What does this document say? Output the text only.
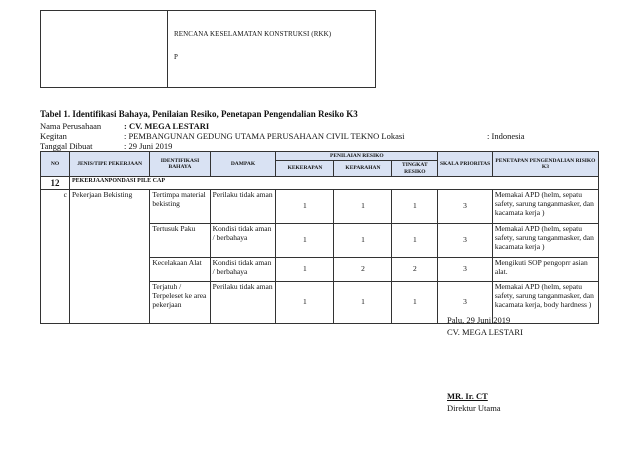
RENCANA KESELAMATAN KONSTRUKSI (RKK)
P
Tabel 1. Identifikasi Bahaya, Penilaian Resiko, Penetapan Pengendalian Resiko K3
Nama Perusahaan	: CV. MEGA LESTARI
Kegitan	: PEMBANGUNAN GEDUNG UTAMA PERUSAHAAN CIVIL TEKNO Lokasi	: Indonesia
Tanggal Dibuat	: 29 Juni 2019
NO	JENIS/TIPE PEKERJAAN	IDENTIFIKASI BAHAYA	DAMPAK	PENILAIAN RESIKO			SKALA PRIORITAS	PENETAPAN PENGENDALIAN RISIKO K3
				KEKERAPAN	KEPARAHAN	TINGKAT RESIKO		
12	PEKERJAANPONDASI PILE CAP							
c	Pekerjaan Bekisting	Tertimpa material bekisting	Perilaku tidak aman	1	1	1	3	Memakai APD (helm, sepatu safety, sarung tanganmasker, dan kacamata kerja )
		Tertusuk Paku	Kondisi tidak aman / berbahaya	1	1	1	3	Memakai APD (helm, sepatu safety, sarung tanganmasker, dan kacamata kerja )
		Kecelakaan Alat	Kondisi tidak aman / berbahaya	1	2	2	3	Mengikuti SOP pengoprr asian alat.
		Terjatuh / Terpeleset ke area pekerjaan	Perilaku tidak aman	1	1	1	3	Memakai APD (helm, sepatu safety, sarung tanganmasker, dan kacamata kerja, body hardness )
Palu, 29 Juni 2019
CV. MEGA LESTARI
MR. Ir. CT
Direktur Utama
